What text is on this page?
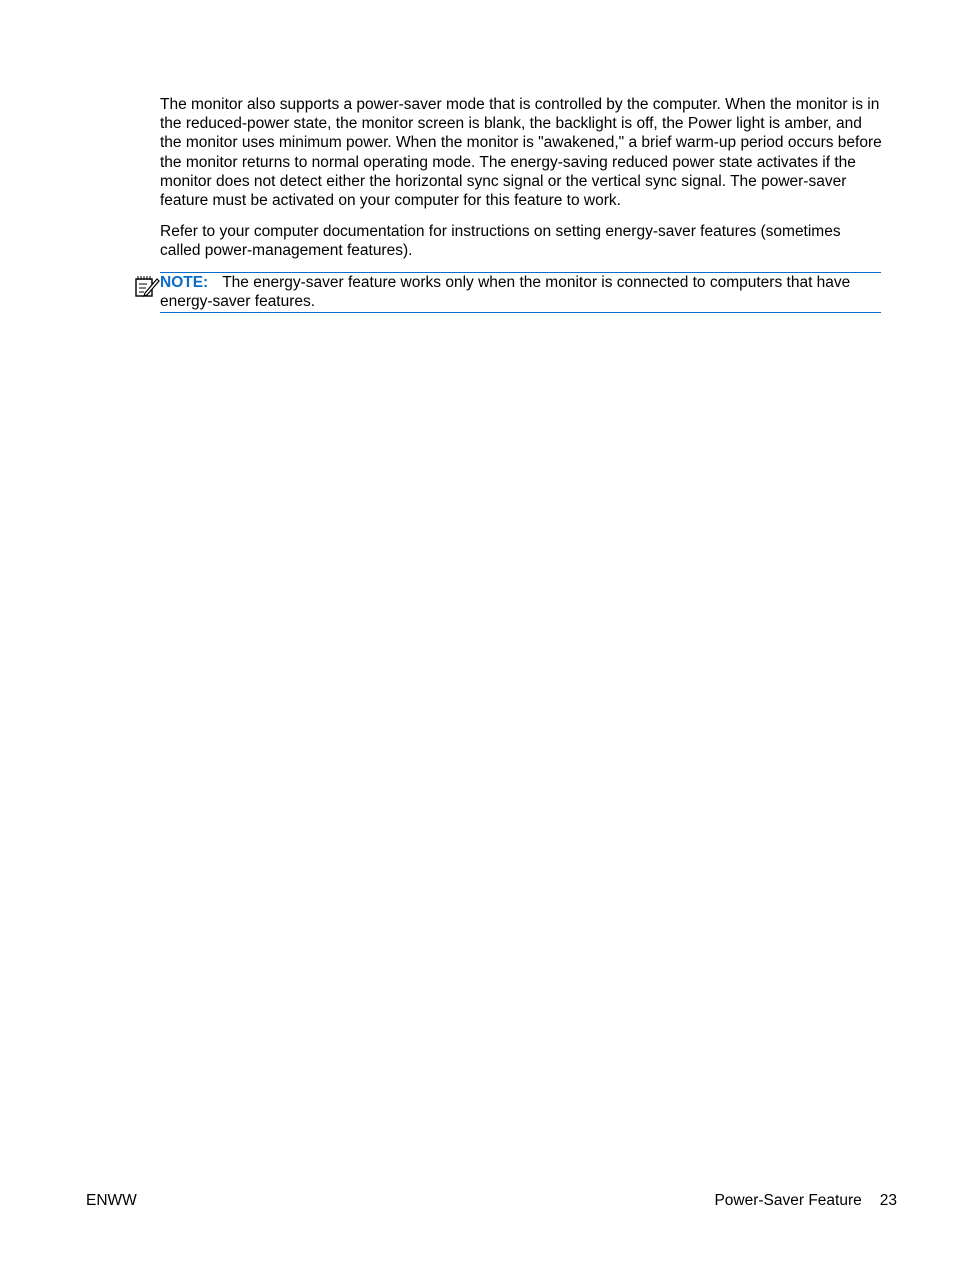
The monitor also supports a power-saver mode that is controlled by the computer. When the monitor is in the reduced-power state, the monitor screen is blank, the backlight is off, the Power light is amber, and the monitor uses minimum power. When the monitor is "awakened," a brief warm-up period occurs before the monitor returns to normal operating mode. The energy-saving reduced power state activates if the monitor does not detect either the horizontal sync signal or the vertical sync signal. The power-saver feature must be activated on your computer for this feature to work.

Refer to your computer documentation for instructions on setting energy-saver features (sometimes called power-management features).

NOTE: The energy-saver feature works only when the monitor is connected to computers that have energy-saver features.
ENWW	Power-Saver Feature 23
